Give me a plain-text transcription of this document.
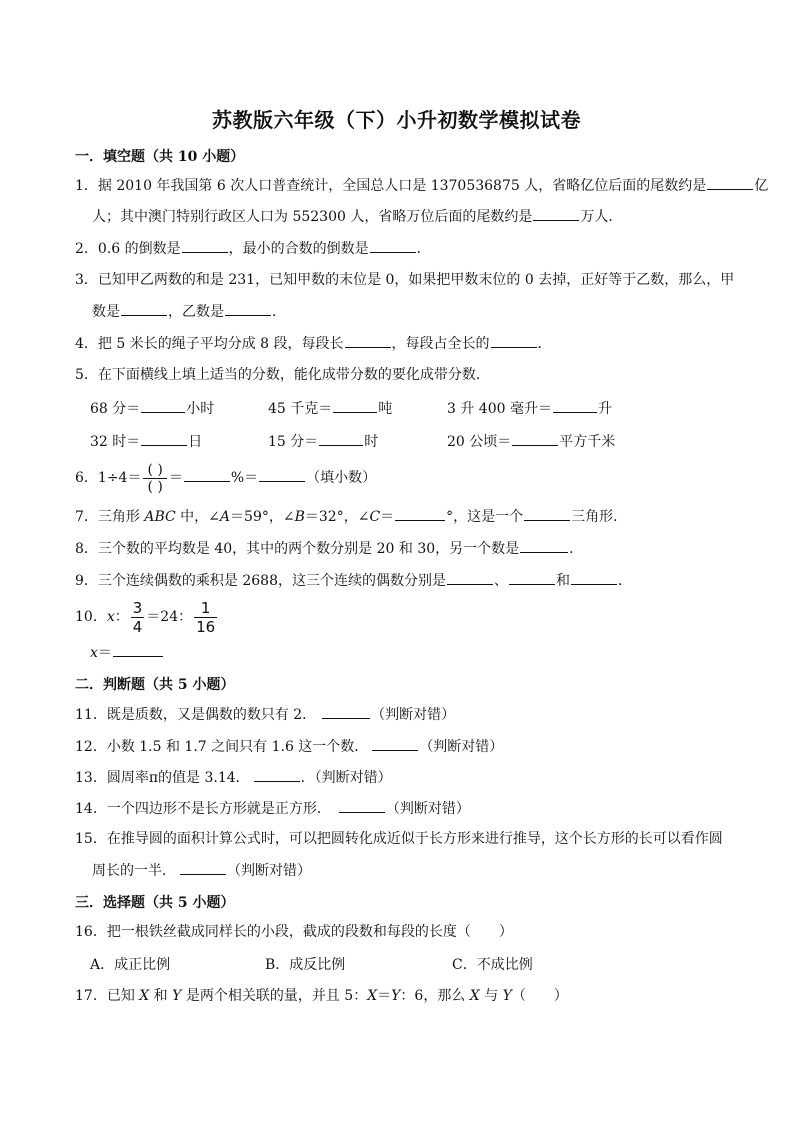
苏教版六年级（下）小升初数学模拟试卷
一．填空题（共 10 小题）
1．据 2010 年我国第 6 次人口普查统计，全国总人口是 1370536875 人，省略亿位后面的尾数约是	亿
人；其中澳门特别行政区人口为 552300 人，省略万位后面的尾数约是	万人．
2．0.6 的倒数是	，最小的合数的倒数是	．
3．已知甲乙两数的和是 231，已知甲数的末位是 0，如果把甲数末位的 0 去掉，正好等于乙数，那么，甲
数是	，乙数是	．
4．把 5 米长的绳子平均分成 8 段，每段长	，每段占全长的	．
5．在下面横线上填上适当的分数，能化成带分数的要化成带分数．
68 分＝	小时	45 千克＝	吨	3 升 400 毫升＝	升
32 时＝	日	15 分＝	时	20 公顷＝	平方千米
6．$1\div 4= \frac{( )}{( )}$ ＝	%＝	（填小数）
7．三角形 ABC 中，∠A＝59°，∠B＝32°，∠C＝	°，这是一个	三角形．
8．三个数的平均数是 40，其中的两个数分别是 20 和 30，另一个数是	．
9．三个连续偶数的乘积是 2688，这三个连续的偶数分别是	、	和	．
10．x： $\frac{3}{4} =24$： $\frac{1}{16}$
x＝
二．判断题（共 5 小题）
11．既是质数，又是偶数的数只有 2．	（判断对错）
12．小数 1.5 和 1.7 之间只有 1.6 这一个数．	（判断对错）
13．圆周率π的值是 3.14．	．（判断对错）
14．一个四边形不是长方形就是正方形．	（判断对错）
15．在推导圆的面积计算公式时，可以把圆转化成近似于长方形来进行推导，这个长方形的长可以看作圆
周长的一半．	（判断对错）
三．选择题（共 5 小题）
16．把一根铁丝截成同样长的小段，截成的段数和每段的长度（　　）
A．成正比例	B．成反比例	C．不成比例
17．已知 X 和 Y 是两个相关联的量，并且 5：X＝Y：6，那么 X 与 Y（　　）
